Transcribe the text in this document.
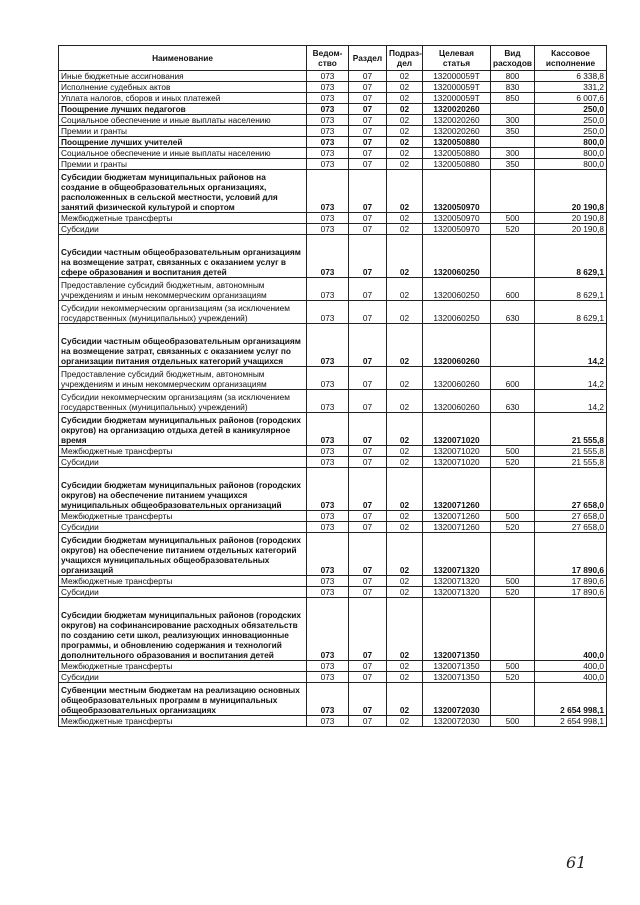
Наименование	Ведом-ство	Раздел	Подраз-дел	Целевая статья	Вид расходов	Кассовое исполнение
Иные бюджетные ассигнования	073	07	02	132000059Т	800	6 338,8
Исполнение судебных актов	073	07	02	132000059Т	830	331,2
Уплата налогов, сборов и иных платежей	073	07	02	132000059Т	850	6 007,6
Поощрение лучших педагогов	073	07	02	1320020260		250,0
Социальное обеспечение и иные выплаты населению	073	07	02	1320020260	300	250,0
Премии и гранты	073	07	02	1320020260	350	250,0
Поощрение лучших учителей	073	07	02	1320050880		800,0
Социальное обеспечение и иные выплаты населению	073	07	02	1320050880	300	800,0
Премии и гранты	073	07	02	1320050880	350	800,0
Субсидии бюджетам муниципальных районов на создание в общеобразовательных организациях, расположенных в сельской местности, условий для занятий физической культурой и спортом	073	07	02	1320050970		20 190,8
Межбюджетные трансферты	073	07	02	1320050970	500	20 190,8
Субсидии	073	07	02	1320050970	520	20 190,8
Субсидии частным общеобразовательным организациям на возмещение затрат, связанных с оказанием услуг в сфере образования и воспитания детей	073	07	02	1320060250		8 629,1
Предоставление субсидий бюджетным, автономным учреждениям и иным некоммерческим организациям	073	07	02	1320060250	600	8 629,1
Субсидии некоммерческим организациям (за исключением государственных (муниципальных) учреждений)	073	07	02	1320060250	630	8 629,1
Субсидии частным общеобразовательным организациям на возмещение затрат, связанных с оказанием услуг по организации питания отдельных категорий учащихся	073	07	02	1320060260		14,2
Предоставление субсидий бюджетным, автономным учреждениям и иным некоммерческим организациям	073	07	02	1320060260	600	14,2
Субсидии некоммерческим организациям (за исключением государственных (муниципальных) учреждений)	073	07	02	1320060260	630	14,2
Субсидии бюджетам муниципальных районов (городских округов) на организацию отдыха детей в каникулярное время	073	07	02	1320071020		21 555,8
Межбюджетные трансферты	073	07	02	1320071020	500	21 555,8
Субсидии	073	07	02	1320071020	520	21 555,8
Субсидии бюджетам муниципальных районов (городских округов) на обеспечение питанием учащихся муниципальных общеобразовательных организаций	073	07	02	1320071260		27 658,0
Межбюджетные трансферты	073	07	02	1320071260	500	27 658,0
Субсидии	073	07	02	1320071260	520	27 658,0
Субсидии бюджетам муниципальных районов (городских округов) на обеспечение питанием отдельных категорий учащихся муниципальных общеобразовательных организаций	073	07	02	1320071320		17 890,6
Межбюджетные трансферты	073	07	02	1320071320	500	17 890,6
Субсидии	073	07	02	1320071320	520	17 890,6
Субсидии бюджетам муниципальных районов (городских округов) на софинансирование расходных обязательств по созданию сети школ, реализующих инновационные программы, и обновлению содержания и технологий дополнительного образования и воспитания детей	073	07	02	1320071350		400,0
Межбюджетные трансферты	073	07	02	1320071350	500	400,0
Субсидии	073	07	02	1320071350	520	400,0
Субвенции местным бюджетам на реализацию основных общеобразовательных программ в муниципальных общеобразовательных организациях	073	07	02	1320072030		2 654 998,1
Межбюджетные трансферты	073	07	02	1320072030	500	2 654 998,1
61
